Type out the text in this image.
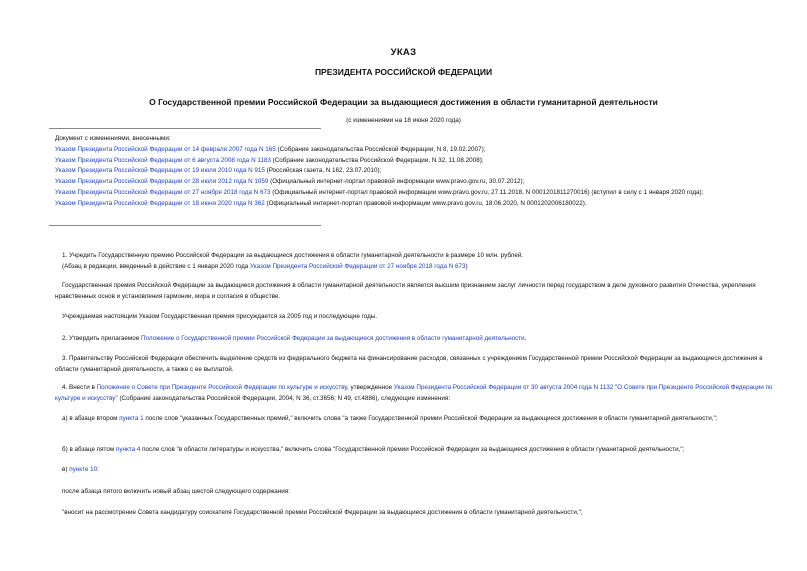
УКАЗ
ПРЕЗИДЕНТА РОССИЙСКОЙ ФЕДЕРАЦИИ
О Государственной премии Российской Федерации за выдающиеся достижения в области гуманитарной деятельности
(с изменениями на 18 июня 2020 года)
Документ с изменениями, внесенными:
Указом Президента Российской Федерации от 14 февраля 2007 года N 165 (Собрание законодательства Российской Федерации, N 8, 19.02.2007);
Указом Президента Российской Федерации от 6 августа 2008 года N 1183 (Собрание законодательства Российской Федерации, N 32, 11.08.2008);
Указом Президента Российской Федерации от 19 июля 2010 года N 915 (Российская газета, N 162, 23.07.2010);
Указом Президента Российской Федерации от 28 июля 2012 года N 1059 (Официальный интернет-портал правовой информации www.pravo.gov.ru, 30.07.2012);
Указом Президента Российской Федерации от 27 ноября 2018 года N 673 (Официальный интернет-портал правовой информации www.pravo.gov.ru, 27.11.2018, N 0001201811270016) (вступил в силу с 1 января 2020 года);
Указом Президента Российской Федерации от 18 июня 2020 года N 362 (Официальный интернет-портал правовой информации www.pravo.gov.ru, 18.06.2020, N 0001202006180022).
1. Учредить Государственную премию Российской Федерации за выдающиеся достижения в области гуманитарной деятельности в размере 10 млн. рублей.
(Абзац в редакции, введенный в действие с 1 января 2020 года Указом Президента Российской Федерации от 27 ноября 2018 года N 673)
Государственная премия Российской Федерации за выдающиеся достижения в области гуманитарной деятельности является высшим признанием заслуг личности перед государством в деле духовного развития Отечества, укрепления нравственных основ и установления гармонии, мира и согласия в обществе.
Учреждаемая настоящим Указом Государственная премия присуждается за 2005 год и последующие годы.
2. Утвердить прилагаемое Положение о Государственной премии Российской Федерации за выдающиеся достижения в области гуманитарной деятельности.
3. Правительству Российской Федерации обеспечить выделение средств из федерального бюджета на финансирование расходов, связанных с учреждением Государственной премии Российской Федерации за выдающиеся достижения в области гуманитарной деятельности, а также с ее выплатой.
4. Внести в Положение о Совете при Президенте Российской Федерации по культуре и искусству, утвержденное Указом Президента Российской Федерации от 30 августа 2004 года N 1132 "О Совете при Президенте Российской Федерации по культуре и искусству" (Собрание законодательства Российской Федерации, 2004, N 36, ст.3656; N 49, ст.4886), следующие изменения:
а) в абзаце втором пункта 1 после слов "указанных Государственных премий," включить слова "а также Государственной премии Российской Федерации за выдающиеся достижения в области гуманитарной деятельности,";
б) в абзаце пятом пункта 4 после слов "в области литературы и искусства," включить слова "Государственной премии Российской Федерации за выдающиеся достижения в области гуманитарной деятельности,";
в) пункте 10:
после абзаца пятого включить новый абзац шестой следующего содержания:
"вносит на рассмотрение Совета кандидатуру соискателя Государственной премии Российской Федерации за выдающиеся достижения в области гуманитарной деятельности,";
